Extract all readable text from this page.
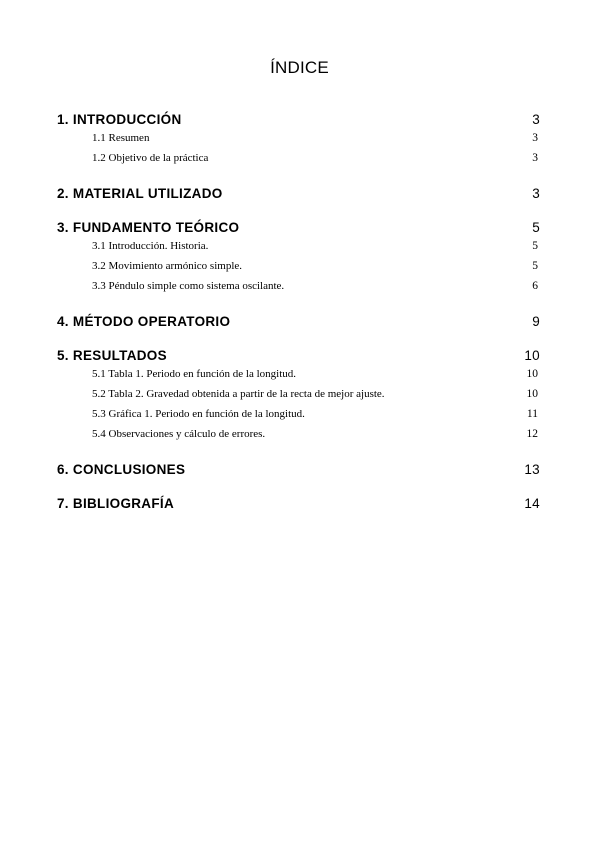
ÍNDICE
1. INTRODUCCIÓN	3
1.1 Resumen	3
1.2 Objetivo de la práctica	3
2. MATERIAL UTILIZADO	3
3. FUNDAMENTO TEÓRICO	5
3.1 Introducción. Historia.	5
3.2 Movimiento armónico simple.	5
3.3 Péndulo simple como sistema oscilante.	6
4. MÉTODO OPERATORIO	9
5. RESULTADOS	10
5.1 Tabla 1. Periodo en función de la longitud.	10
5.2 Tabla 2. Gravedad obtenida a partir de la recta de mejor ajuste.	10
5.3 Gráfica 1. Periodo en función de la longitud.	11
5.4 Observaciones y cálculo de errores.	12
6. CONCLUSIONES	13
7. BIBLIOGRAFÍA	14
